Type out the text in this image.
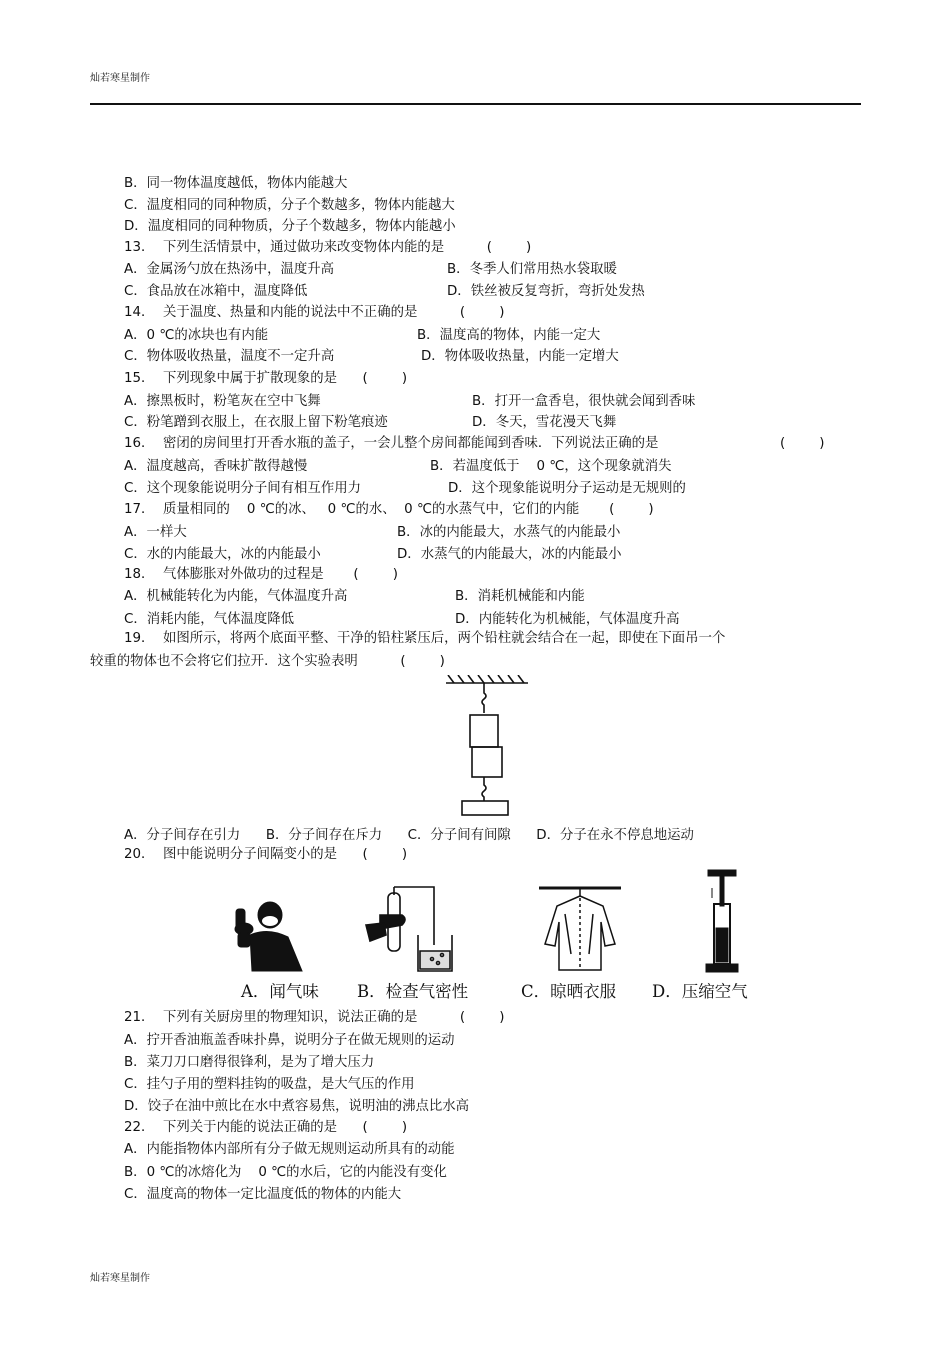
灿若寒星制作
B．同一物体温度越低，物体内能越大
C．温度相同的同种物质，分子个数越多，物体内能越大
D．温度相同的同种物质，分子个数越多，物体内能越小
13．  下列生活情景中，通过做功来改变物体内能的是          (        )
A．金属汤勺放在热汤中，温度升高	B．冬季人们常用热水袋取暖
C．食品放在冰箱中，温度降低	D．铁丝被反复弯折，弯折处发热
14．  关于温度、热量和内能的说法中不正确的是          (        )
A．0 ℃的冰块也有内能	B．温度高的物体，内能一定大
C．物体吸收热量，温度不一定升高	D．物体吸收热量，内能一定增大
15．  下列现象中属于扩散现象的是      (        )
A．擦黑板时，粉笔灰在空中飞舞	B．打开一盒香皂，很快就会闻到香味
C．粉笔蹭到衣服上，在衣服上留下粉笔痕迹	D．冬天，雪花漫天飞舞
16．  密闭的房间里打开香水瓶的盖子，一会儿整个房间都能闻到香味．下列说法正确的是	(        )
A．温度越高，香味扩散得越慢	B．若温度低于    0 ℃，这个现象就消失
C．这个现象能说明分子间有相互作用力	D．这个现象能说明分子运动是无规则的
17．  质量相同的    0 ℃的冰、   0 ℃的水、  0 ℃的水蒸气中，它们的内能       (        )
A．一样大	B．冰的内能最大，水蒸气的内能最小
C．水的内能最大，冰的内能最小	D．水蒸气的内能最大，冰的内能最小
18．  气体膨胀对外做功的过程是       (        )
A．机械能转化为内能，气体温度升高	B．消耗机械能和内能
C．消耗内能，气体温度降低	D．内能转化为机械能，气体温度升高
19．  如图所示，将两个底面平整、干净的铅柱紧压后，两个铅柱就会结合在一起，即使在下面吊一个
较重的物体也不会将它们拉开．这个实验表明          (        )
A．分子间存在引力      B．分子间存在斥力      C．分子间有间隙      D．分子在永不停息地运动
20．  图中能说明分子间隔变小的是      (        )
A．闻气味 B．检查气密性	C．晾晒衣服 D．压缩空气
21．  下列有关厨房里的物理知识，说法正确的是          (        )
A．拧开香油瓶盖香味扑鼻，说明分子在做无规则的运动
B．菜刀刀口磨得很锋利，是为了增大压力
C．挂勺子用的塑料挂钩的吸盘，是大气压的作用
D．饺子在油中煎比在水中煮容易焦，说明油的沸点比水高
22．  下列关于内能的说法正确的是      (        )
A．内能指物体内部所有分子做无规则运动所具有的动能
B．0 ℃的冰熔化为    0 ℃的水后，它的内能没有变化
C．温度高的物体一定比温度低的物体的内能大
灿若寒星制作
